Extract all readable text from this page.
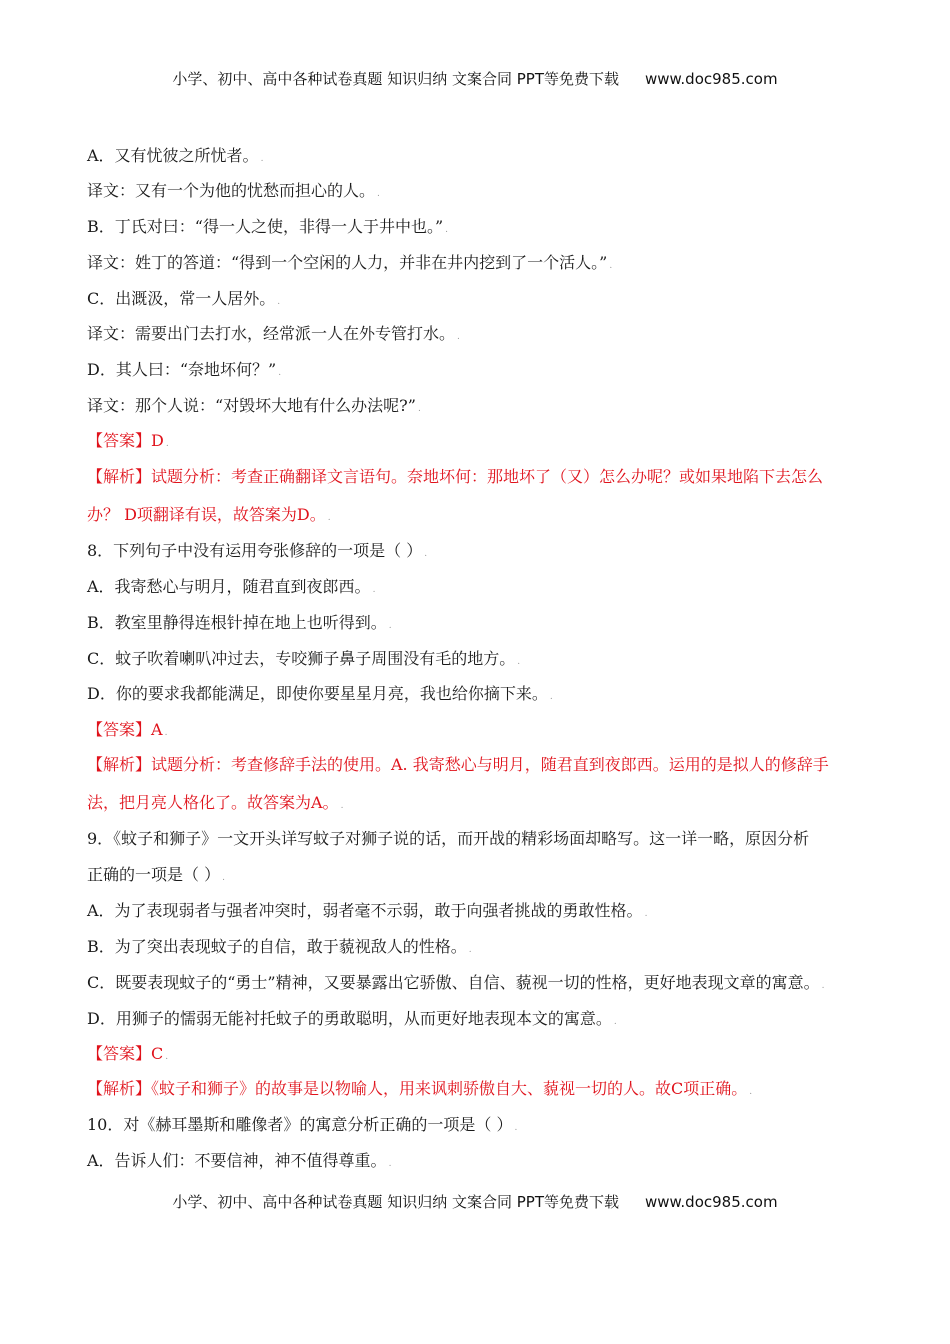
小学、初中、高中各种试卷真题 知识归纳 文案合同 PPT等免费下载 www.doc985.com
A．又有忧彼之所忧者。 .
译文：又有一个为他的忧愁而担心的人。 .
B．丁氏对曰：“得一人之使，非得一人于井中也。” .
译文：姓丁的答道：“得到一个空闲的人力，并非在井内挖到了一个活人。” .
C．出溉汲，常一人居外。 .
译文：需要出门去打水，经常派一人在外专管打水。 .
D．其人曰：“奈地坏何？” .
译文：那个人说：“对毁坏大地有什么办法呢?” .
【答案】D .
【解析】试题分析：考查正确翻译文言语句。奈地坏何：那地坏了（又）怎么办呢？或如果地陷下去怎么
办？ D项翻译有误，故答案为D。 .
8．下列句子中没有运用夸张修辞的一项是（ ） .
A．我寄愁心与明月，随君直到夜郎西。 .
B．教室里静得连根针掉在地上也听得到。 .
C．蚊子吹着喇叭冲过去，专咬狮子鼻子周围没有毛的地方。 .
D．你的要求我都能满足，即使你要星星月亮，我也给你摘下来。 .
【答案】A .
【解析】试题分析：考查修辞手法的使用。A. 我寄愁心与明月，随君直到夜郎西。运用的是拟人的修辞手
法，把月亮人格化了。故答案为A。 .
9．《蚊子和狮子》一文开头详写蚊子对狮子说的话，而开战的精彩场面却略写。这一详一略，原因分析
正确的一项是（ ） .
A．为了表现弱者与强者冲突时，弱者毫不示弱，敢于向强者挑战的勇敢性格。 .
B．为了突出表现蚊子的自信，敢于藐视敌人的性格。 .
C．既要表现蚊子的“勇士”精神，又要暴露出它骄傲、自信、藐视一切的性格，更好地表现文章的寓意。 .
D．用狮子的懦弱无能衬托蚊子的勇敢聪明，从而更好地表现本文的寓意。 .
【答案】C .
【解析】《蚊子和狮子》的故事是以物喻人，用来讽刺骄傲自大、藐视一切的人。故C项正确。 .
10．对《赫耳墨斯和雕像者》的寓意分析正确的一项是（ ） .
A．告诉人们：不要信神，神不值得尊重。 .
小学、初中、高中各种试卷真题 知识归纳 文案合同 PPT等免费下载 www.doc985.com
